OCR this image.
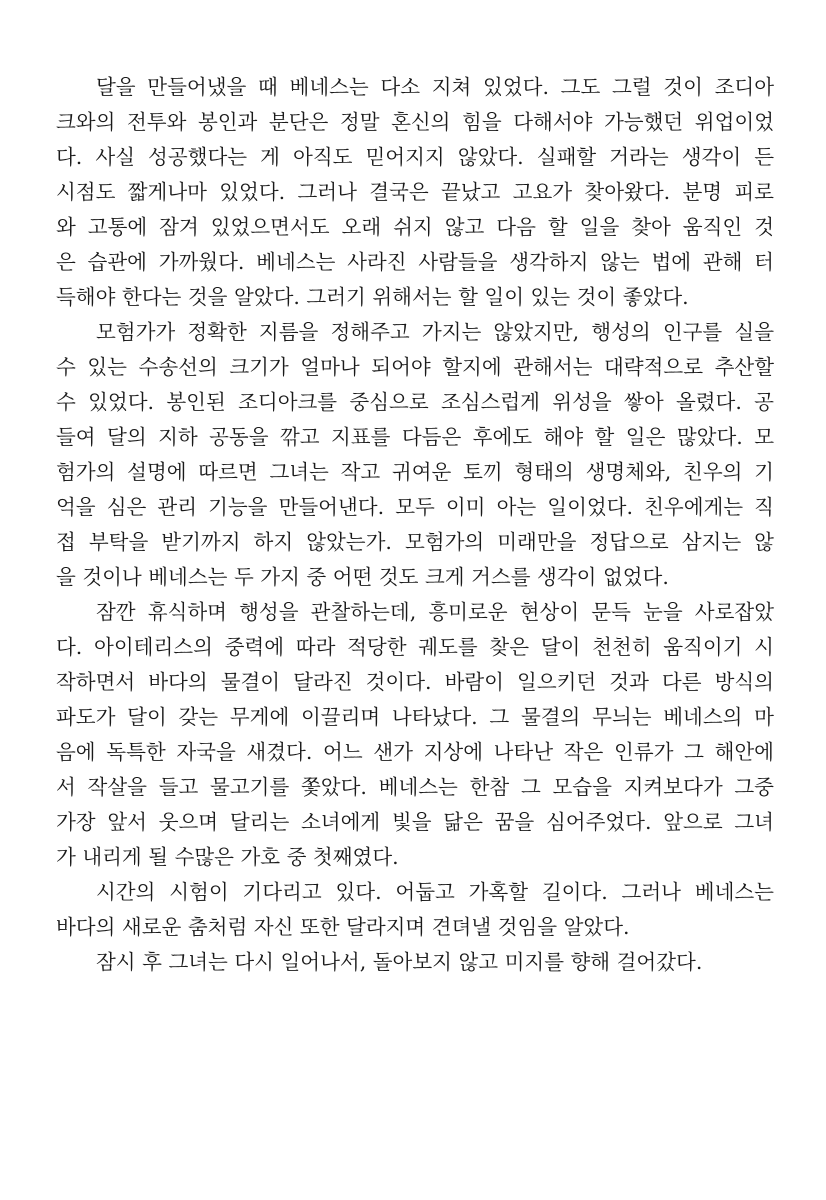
달을 만들어냈을 때 베네스는 다소 지쳐 있었다. 그도 그럴 것이 조디아
크와의 전투와 봉인과 분단은 정말 혼신의 힘을 다해서야 가능했던 위업이었
다. 사실 성공했다는 게 아직도 믿어지지 않았다. 실패할 거라는 생각이 든
시점도 짧게나마 있었다. 그러나 결국은 끝났고 고요가 찾아왔다. 분명 피로
와 고통에 잠겨 있었으면서도 오래 쉬지 않고 다음 할 일을 찾아 움직인 것
은 습관에 가까웠다. 베네스는 사라진 사람들을 생각하지 않는 법에 관해 터
득해야 한다는 것을 알았다. 그러기 위해서는 할 일이 있는 것이 좋았다.

모험가가 정확한 지름을 정해주고 가지는 않았지만, 행성의 인구를 실을
수 있는 수송선의 크기가 얼마나 되어야 할지에 관해서는 대략적으로 추산할
수 있었다. 봉인된 조디아크를 중심으로 조심스럽게 위성을 쌓아 올렸다. 공
들여 달의 지하 공동을 깎고 지표를 다듬은 후에도 해야 할 일은 많았다. 모
험가의 설명에 따르면 그녀는 작고 귀여운 토끼 형태의 생명체와, 친우의 기
억을 심은 관리 기능을 만들어낸다. 모두 이미 아는 일이었다. 친우에게는 직
접 부탁을 받기까지 하지 않았는가. 모험가의 미래만을 정답으로 삼지는 않
을 것이나 베네스는 두 가지 중 어떤 것도 크게 거스를 생각이 없었다.

잠깐 휴식하며 행성을 관찰하는데, 흥미로운 현상이 문득 눈을 사로잡았
다. 아이테리스의 중력에 따라 적당한 궤도를 찾은 달이 천천히 움직이기 시
작하면서 바다의 물결이 달라진 것이다. 바람이 일으키던 것과 다른 방식의
파도가 달이 갖는 무게에 이끌리며 나타났다. 그 물결의 무늬는 베네스의 마
음에 독특한 자국을 새겼다. 어느 샌가 지상에 나타난 작은 인류가 그 해안에
서 작살을 들고 물고기를 쫓았다. 베네스는 한참 그 모습을 지켜보다가 그중
가장 앞서 웃으며 달리는 소녀에게 빛을 닮은 꿈을 심어주었다. 앞으로 그녀
가 내리게 될 수많은 가호 중 첫째였다.

시간의 시험이 기다리고 있다. 어둡고 가혹할 길이다. 그러나 베네스는
바다의 새로운 춤처럼 자신 또한 달라지며 견뎌낼 것임을 알았다.

잠시 후 그녀는 다시 일어나서, 돌아보지 않고 미지를 향해 걸어갔다.
